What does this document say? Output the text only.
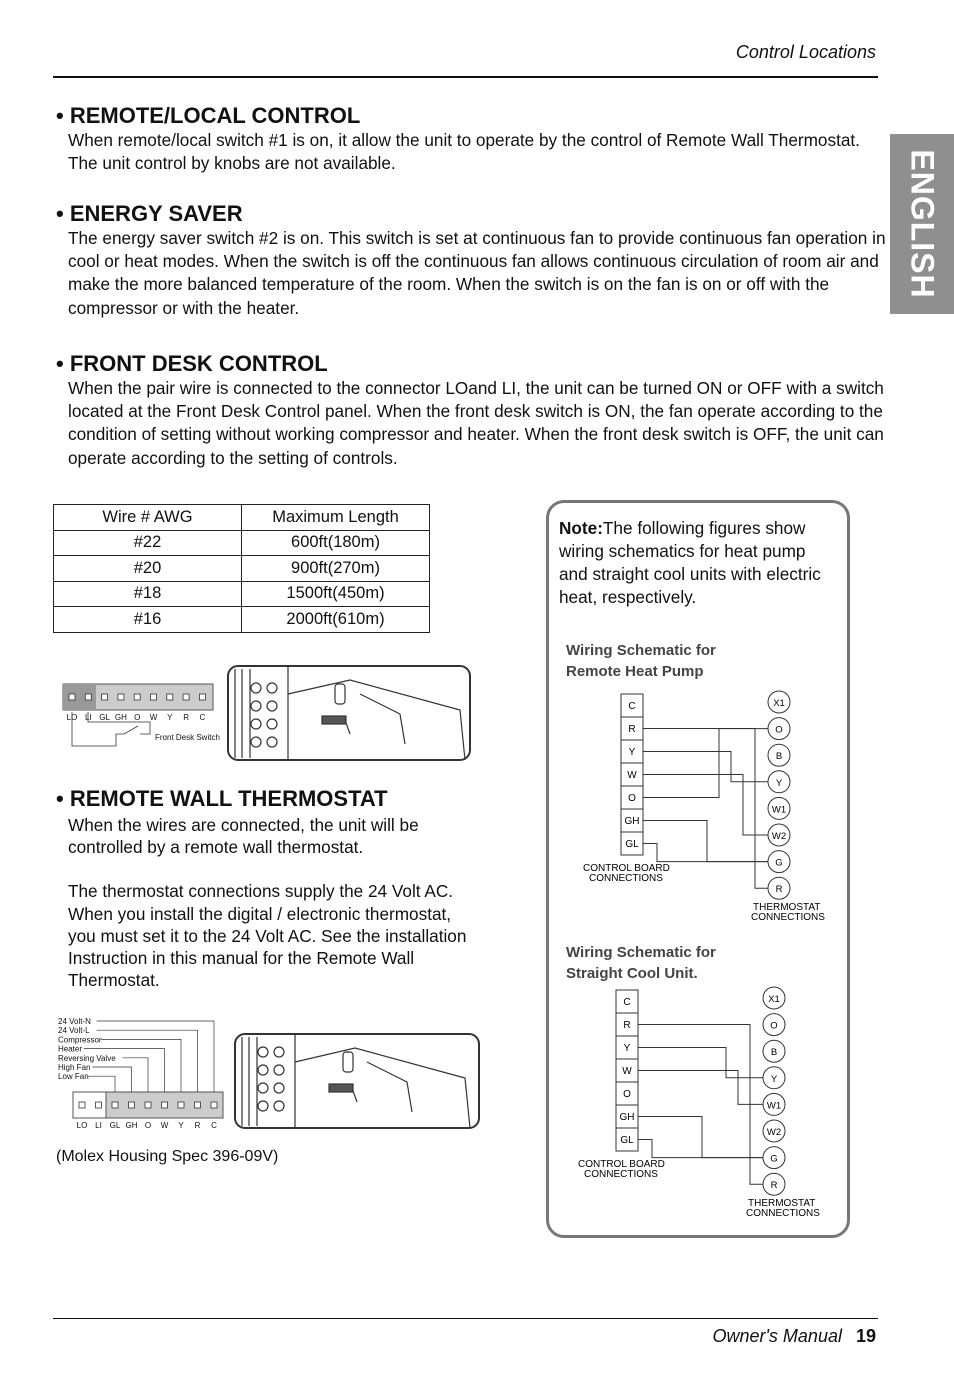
Control Locations
ENGLISH
• REMOTE/LOCAL CONTROL
When remote/local switch #1 is on, it allow the unit to operate by the control of Remote Wall Thermostat.
The unit control by knobs are not available.
• ENERGY SAVER
The energy saver switch #2 is on. This switch is set at continuous fan to provide continuous fan operation in
cool or heat modes. When the switch is off the continuous fan allows continuous circulation of room air and
make the more balanced temperature of the room. When the switch is on the fan is on or off with the
compressor or with the heater.
• FRONT DESK CONTROL
When the pair wire is connected to the connector LOand LI, the unit can be turned ON or OFF with a switch
located at the Front Desk Control panel. When the front desk switch is ON, the fan operate according to the
condition of setting without working compressor and heater. When the front desk switch is OFF, the unit can
operate according to the setting of controls.
Wire # AWG	Maximum Length
#22	600ft(180m)
#20	900ft(270m)
#18	1500ft(450m)
#16	2000ft(610m)
LO LI GL GH O W Y R C
Front Desk Switch
• REMOTE WALL THERMOSTAT
When the wires are connected, the unit will be
controlled by a remote wall thermostat.
The thermostat connections supply the 24 Volt AC.
When you install the digital / electronic thermostat,
you must set it to the 24 Volt AC. See the installation
Instruction in this manual for the Remote Wall
Thermostat.
24 Volt-N
24 Volt-L
Compressor
Heater
Reversing Valve
High Fan
Low Fan
LO LI GL GH O W Y R C
(Molex Housing Spec 396-09V)
Note:The following figures show
wiring schematics for heat pump
and straight cool units with electric
heat, respectively.
Wiring Schematic for
Remote Heat Pump
C
R
Y
W
O
GH
GL
X1
O
B
Y
W1
W2
G
R
CONTROL BOARD
CONNECTIONS
THERMOSTAT
CONNECTIONS
Wiring Schematic for
Straight Cool Unit.
C
R
Y
W
O
GH
GL
X1
O
B
Y
W1
W2
G
R
CONTROL BOARD
CONNECTIONS
THERMOSTAT
CONNECTIONS
Owner's Manual 19
